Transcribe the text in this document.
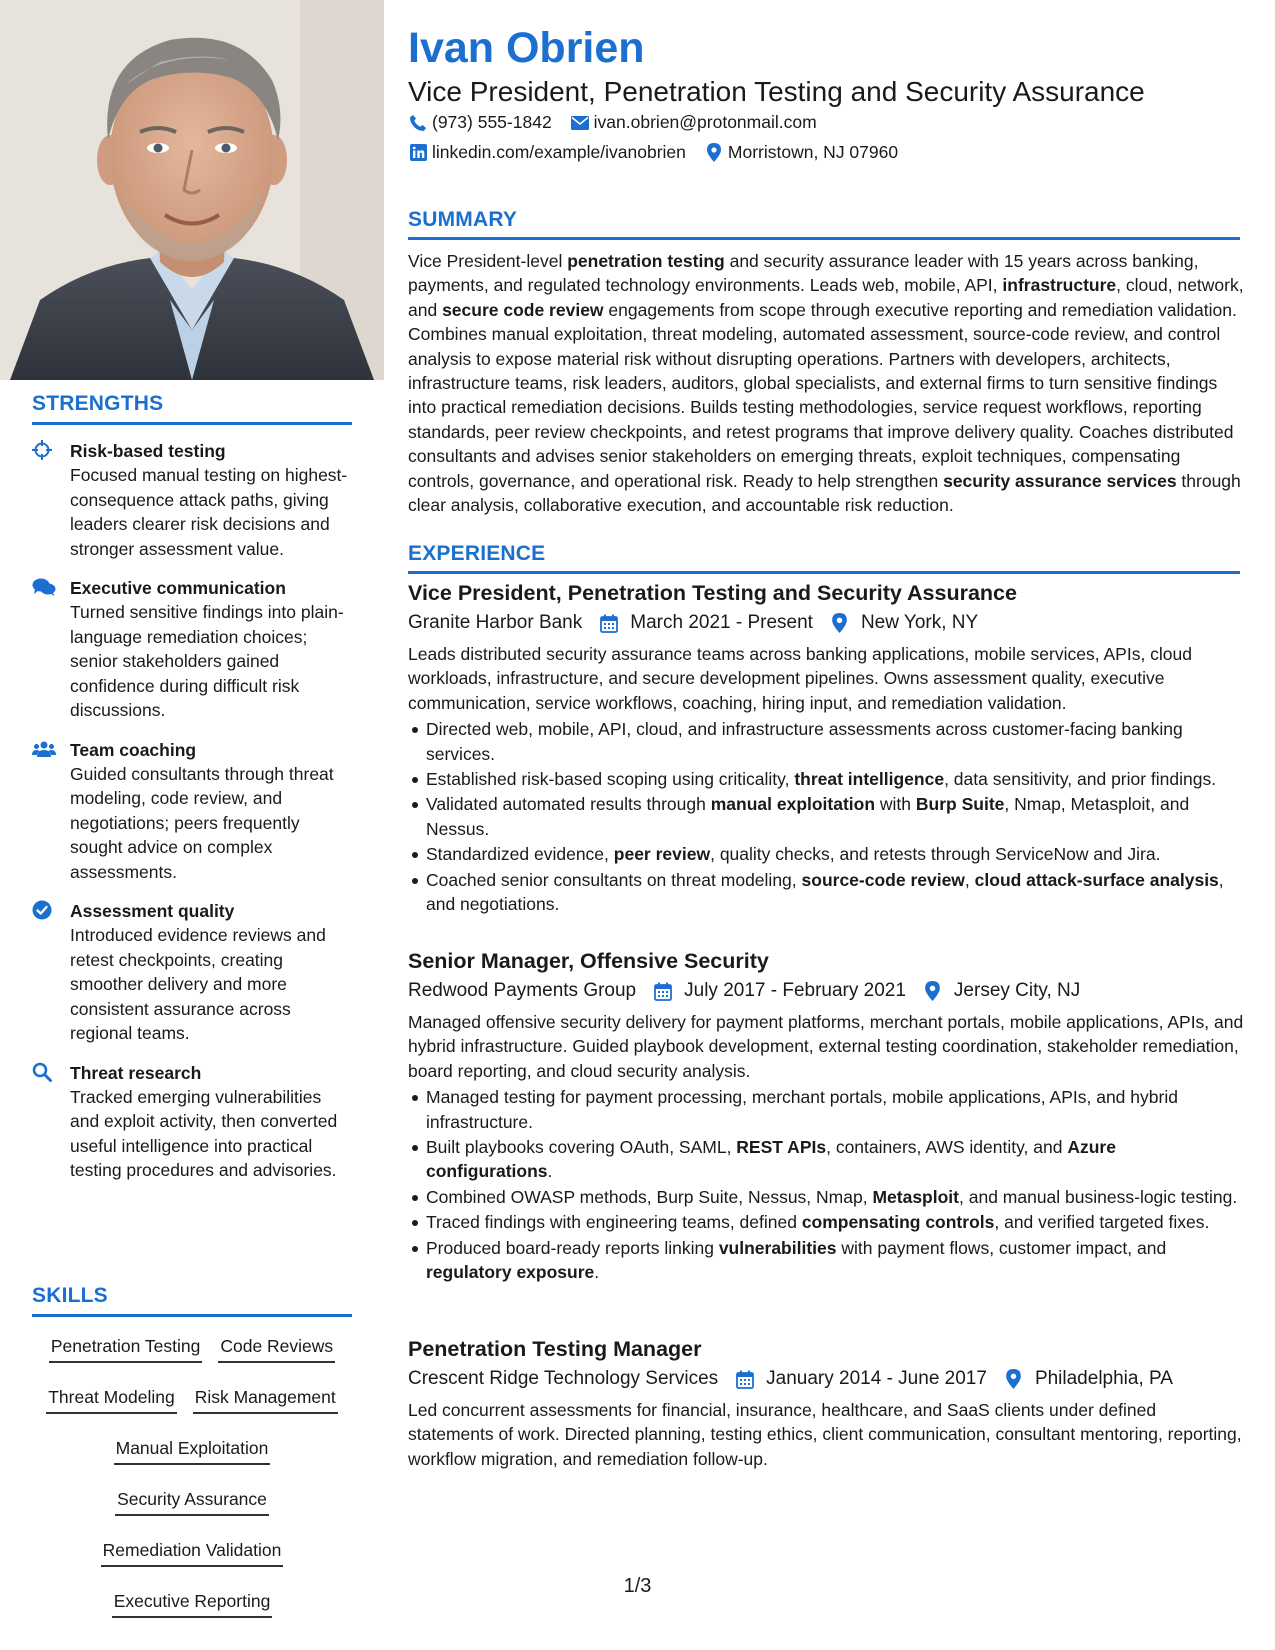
STRENGTHS
Risk-based testing
Focused manual testing on highest-consequence attack paths, giving leaders clearer risk decisions and stronger assessment value.
Executive communication
Turned sensitive findings into plain-language remediation choices; senior stakeholders gained confidence during difficult risk discussions.
Team coaching
Guided consultants through threat modeling, code review, and negotiations; peers frequently sought advice on complex assessments.
Assessment quality
Introduced evidence reviews and retest checkpoints, creating smoother delivery and more consistent assurance across regional teams.
Threat research
Tracked emerging vulnerabilities and exploit activity, then converted useful intelligence into practical testing procedures and advisories.
SKILLS
Penetration Testing Code Reviews
Threat Modeling Risk Management
Manual Exploitation
Security Assurance
Remediation Validation
Executive Reporting
Ivan Obrien
Vice President, Penetration Testing and Security Assurance
(973) 555-1842 ivan.obrien@protonmail.com
linkedin.com/example/ivanobrien Morristown, NJ 07960
SUMMARY

Vice President-level penetration testing and security assurance leader with 15 years across banking, payments, and regulated technology environments. Leads web, mobile, API, infrastructure, cloud, network, and secure code review engagements from scope through executive reporting and remediation validation. Combines manual exploitation, threat modeling, automated assessment, source-code review, and control analysis to expose material risk without disrupting operations. Partners with developers, architects, infrastructure teams, risk leaders, auditors, global specialists, and external firms to turn sensitive findings into practical remediation decisions. Builds testing methodologies, service request workflows, reporting standards, peer review checkpoints, and retest programs that improve delivery quality. Coaches distributed consultants and advises senior stakeholders on emerging threats, exploit techniques, compensating controls, governance, and operational risk. Ready to help strengthen security assurance services through clear analysis, collaborative execution, and accountable risk reduction.

EXPERIENCE
Vice President, Penetration Testing and Security Assurance
Granite Harbor Bank	March 2021 - Present	New York, NY
Leads distributed security assurance teams across banking applications, mobile services, APIs, cloud workloads, infrastructure, and secure development pipelines. Owns assessment quality, executive communication, service workflows, coaching, hiring input, and remediation validation.
Directed web, mobile, API, cloud, and infrastructure assessments across customer-facing banking services.
Established risk-based scoping using criticality, threat intelligence, data sensitivity, and prior findings.
Validated automated results through manual exploitation with Burp Suite, Nmap, Metasploit, and Nessus.
Standardized evidence, peer review, quality checks, and retests through ServiceNow and Jira.
Coached senior consultants on threat modeling, source-code review, cloud attack-surface analysis, and negotiations.
Senior Manager, Offensive Security
Redwood Payments Group	July 2017 - February 2021	Jersey City, NJ
Managed offensive security delivery for payment platforms, merchant portals, mobile applications, APIs, and hybrid infrastructure. Guided playbook development, external testing coordination, stakeholder remediation, board reporting, and cloud security analysis.
Managed testing for payment processing, merchant portals, mobile applications, APIs, and hybrid infrastructure.
Built playbooks covering OAuth, SAML, REST APIs, containers, AWS identity, and Azure configurations.
Combined OWASP methods, Burp Suite, Nessus, Nmap, Metasploit, and manual business-logic testing.
Traced findings with engineering teams, defined compensating controls, and verified targeted fixes.
Produced board-ready reports linking vulnerabilities with payment flows, customer impact, and regulatory exposure.
Penetration Testing Manager
Crescent Ridge Technology Services	January 2014 - June 2017	Philadelphia, PA
Led concurrent assessments for financial, insurance, healthcare, and SaaS clients under defined statements of work. Directed planning, testing ethics, client communication, consultant mentoring, reporting, workflow migration, and remediation follow-up.
1/3
